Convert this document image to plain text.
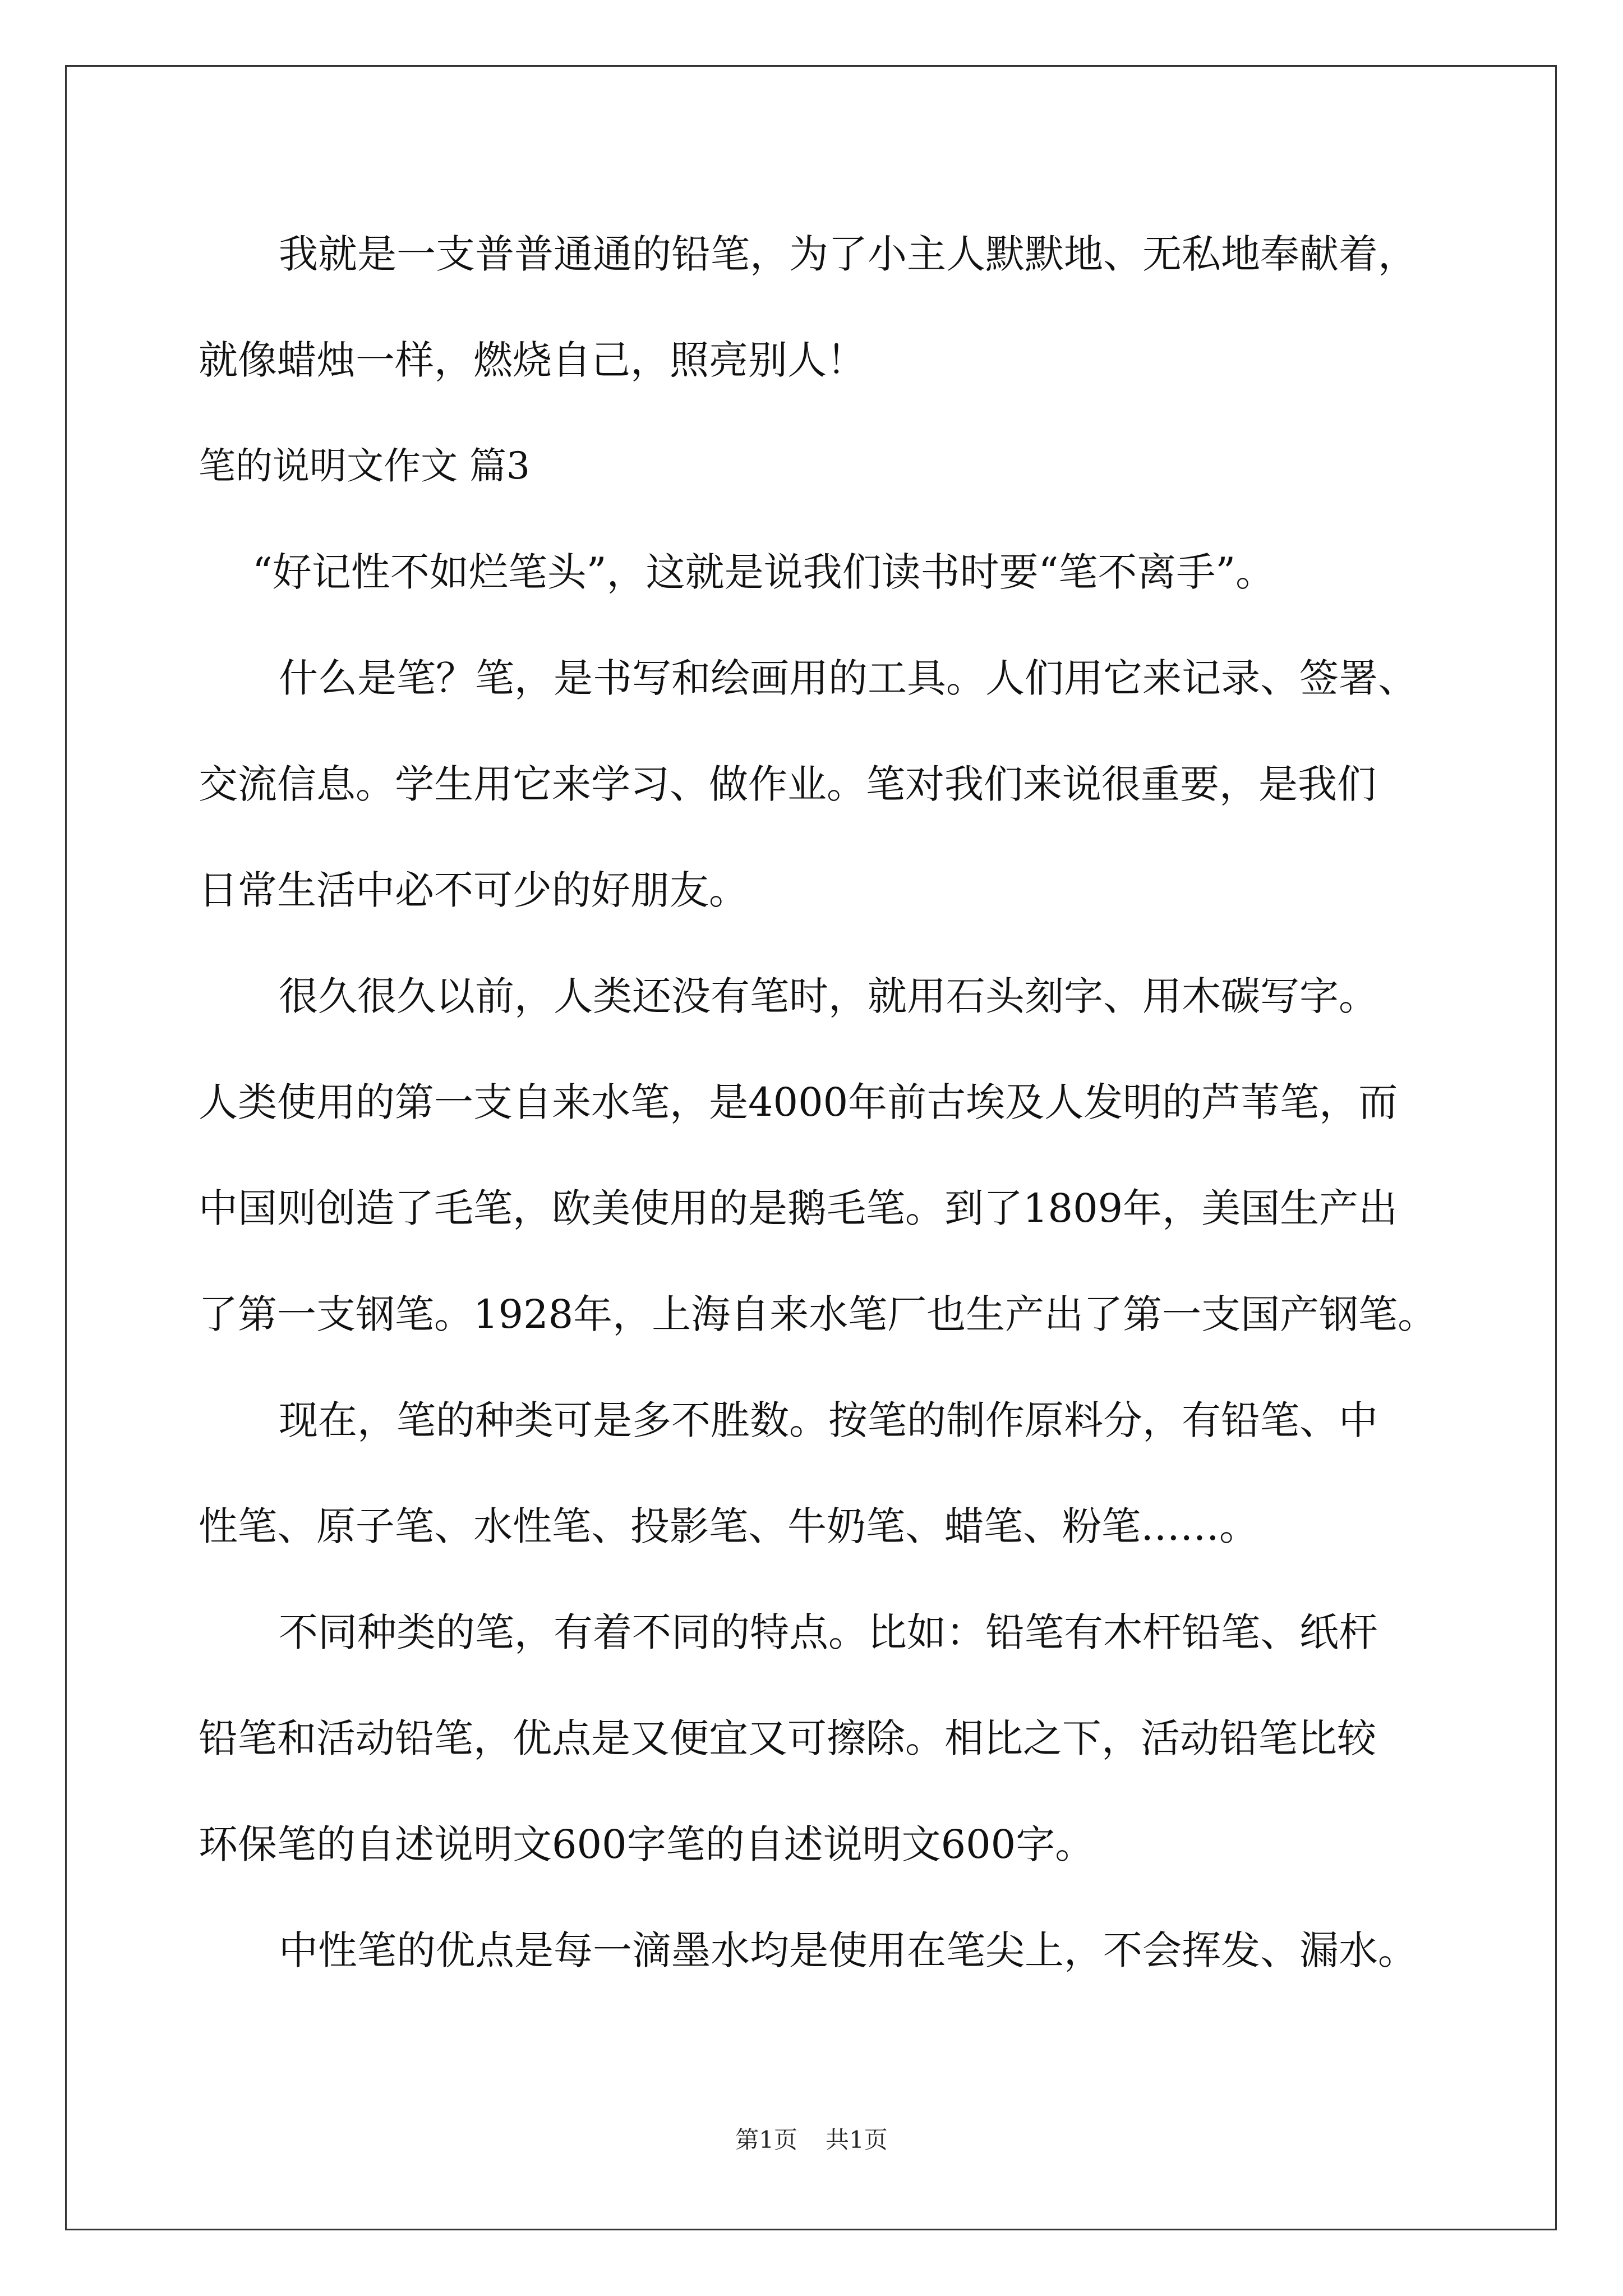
我就是一支普普通通的铅笔，为了小主人默默地、无私地奉献着，
就像蜡烛一样，燃烧自己，照亮别人！
笔的说明文作文 篇3
“好记性不如烂笔头”，这就是说我们读书时要“笔不离手”。
什么是笔？笔，是书写和绘画用的工具。人们用它来记录、签署、
交流信息。学生用它来学习、做作业。笔对我们来说很重要，是我们
日常生活中必不可少的好朋友。
很久很久以前，人类还没有笔时，就用石头刻字、用木碳写字。
人类使用的第一支自来水笔，是4000年前古埃及人发明的芦苇笔，而
中国则创造了毛笔，欧美使用的是鹅毛笔。到了1809年，美国生产出
了第一支钢笔。1928年，上海自来水笔厂也生产出了第一支国产钢笔。
现在，笔的种类可是多不胜数。按笔的制作原料分，有铅笔、中
性笔、原子笔、水性笔、投影笔、牛奶笔、蜡笔、粉笔……。
不同种类的笔，有着不同的特点。比如：铅笔有木杆铅笔、纸杆
铅笔和活动铅笔，优点是又便宜又可擦除。相比之下，活动铅笔比较
环保笔的自述说明文600字笔的自述说明文600字。
中性笔的优点是每一滴墨水均是使用在笔尖上，不会挥发、漏水。
第1页 共1页
